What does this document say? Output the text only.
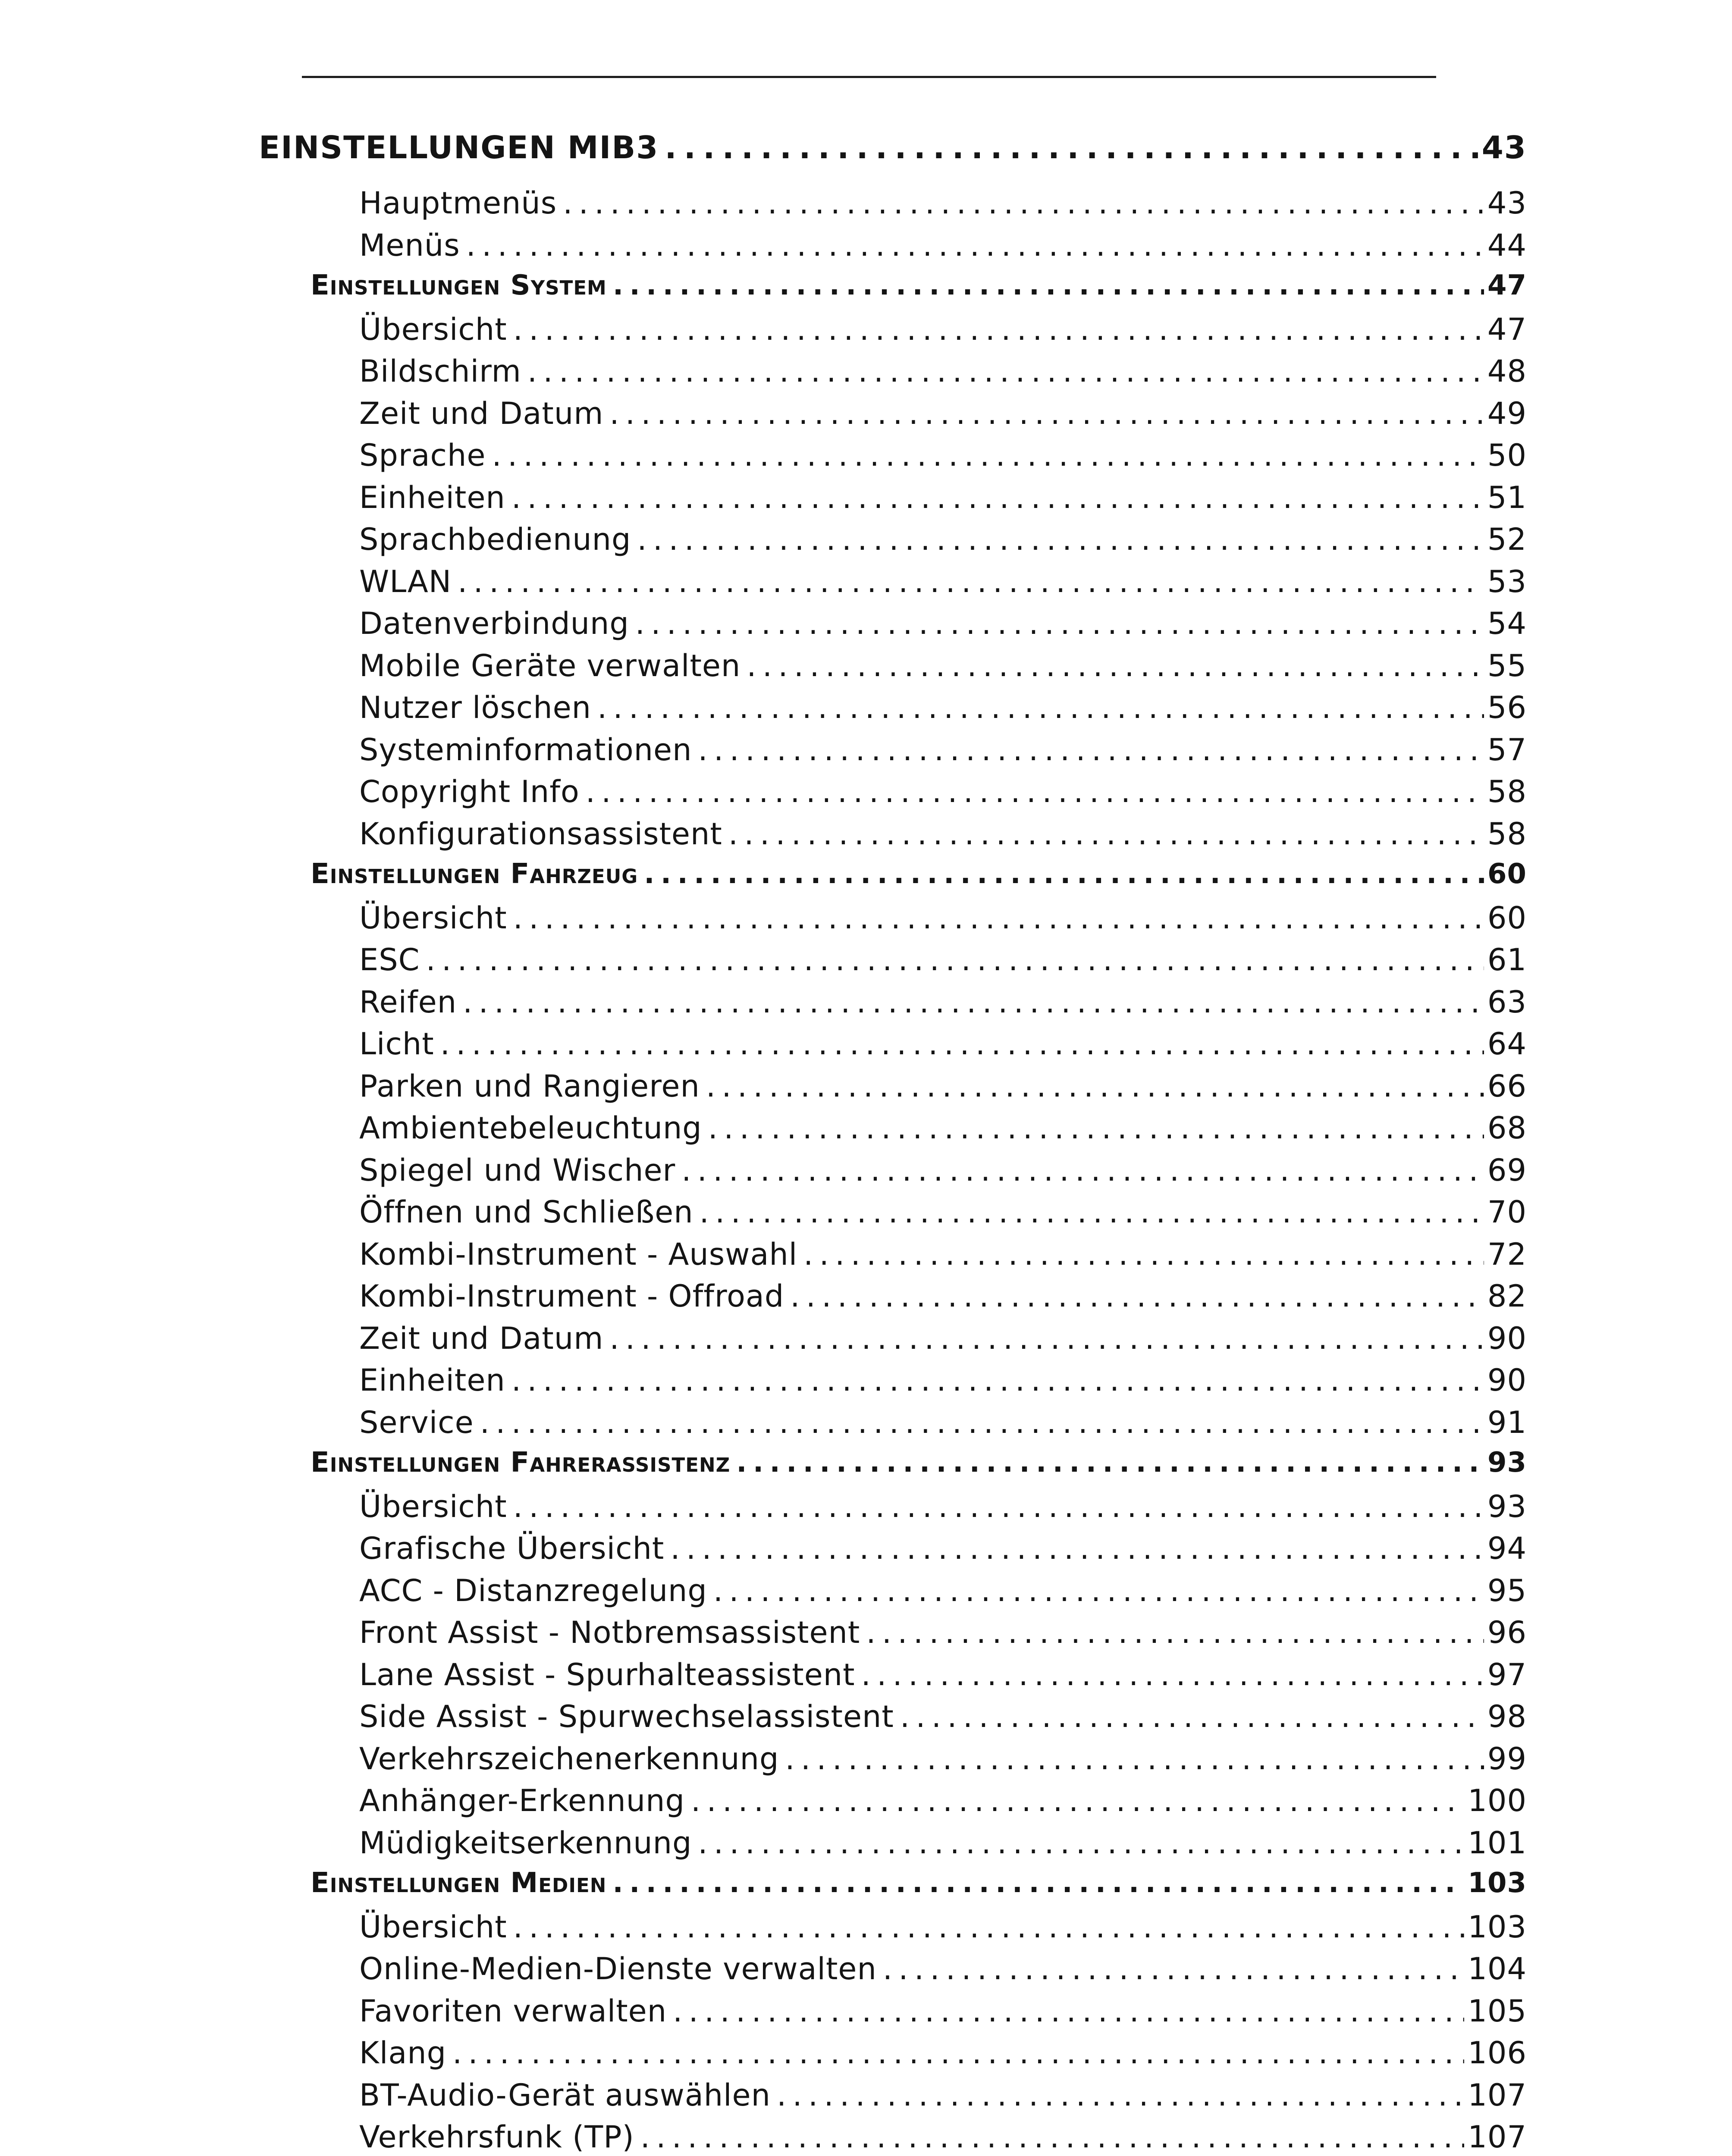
EINSTELLUNGEN MIB3 . . .	43
Hauptmenüs . . .	43
Menüs . . .	44
Einstellungen System . . .	47
Übersicht . . .	47
Bildschirm . . .	48
Zeit und Datum . . .	49
Sprache . . .	50
Einheiten . . .	51
Sprachbedienung . . .	52
WLAN . . .	53
Datenverbindung . . .	54
Mobile Geräte verwalten . . .	55
Nutzer löschen . . .	56
Systeminformationen . . .	57
Copyright Info . . .	58
Konfigurationsassistent . . .	58
Einstellungen Fahrzeug . . .	60
Übersicht . . .	60
ESC . . .	61
Reifen . . .	63
Licht . . .	64
Parken und Rangieren . . .	66
Ambientebeleuchtung . . .	68
Spiegel und Wischer . . .	69
Öffnen und Schließen . . .	70
Kombi-Instrument - Auswahl . . .	72
Kombi-Instrument - Offroad . . .	82
Zeit und Datum . . .	90
Einheiten . . .	90
Service . . .	91
Einstellungen Fahrerassistenz . . .	93
Übersicht . . .	93
Grafische Übersicht . . .	94
ACC - Distanzregelung . . .	95
Front Assist - Notbremsassistent . . .	96
Lane Assist - Spurhalteassistent . . .	97
Side Assist - Spurwechselassistent . . .	98
Verkehrszeichenerkennung . . .	99
Anhänger-Erkennung . . .	100
Müdigkeitserkennung . . .	101
Einstellungen Medien . . .	103
Übersicht . . .	103
Online-Medien-Dienste verwalten . . .	104
Favoriten verwalten . . .	105
Klang . . .	106
BT-Audio-Gerät auswählen . . .	107
Verkehrsfunk (TP) . . .	107
